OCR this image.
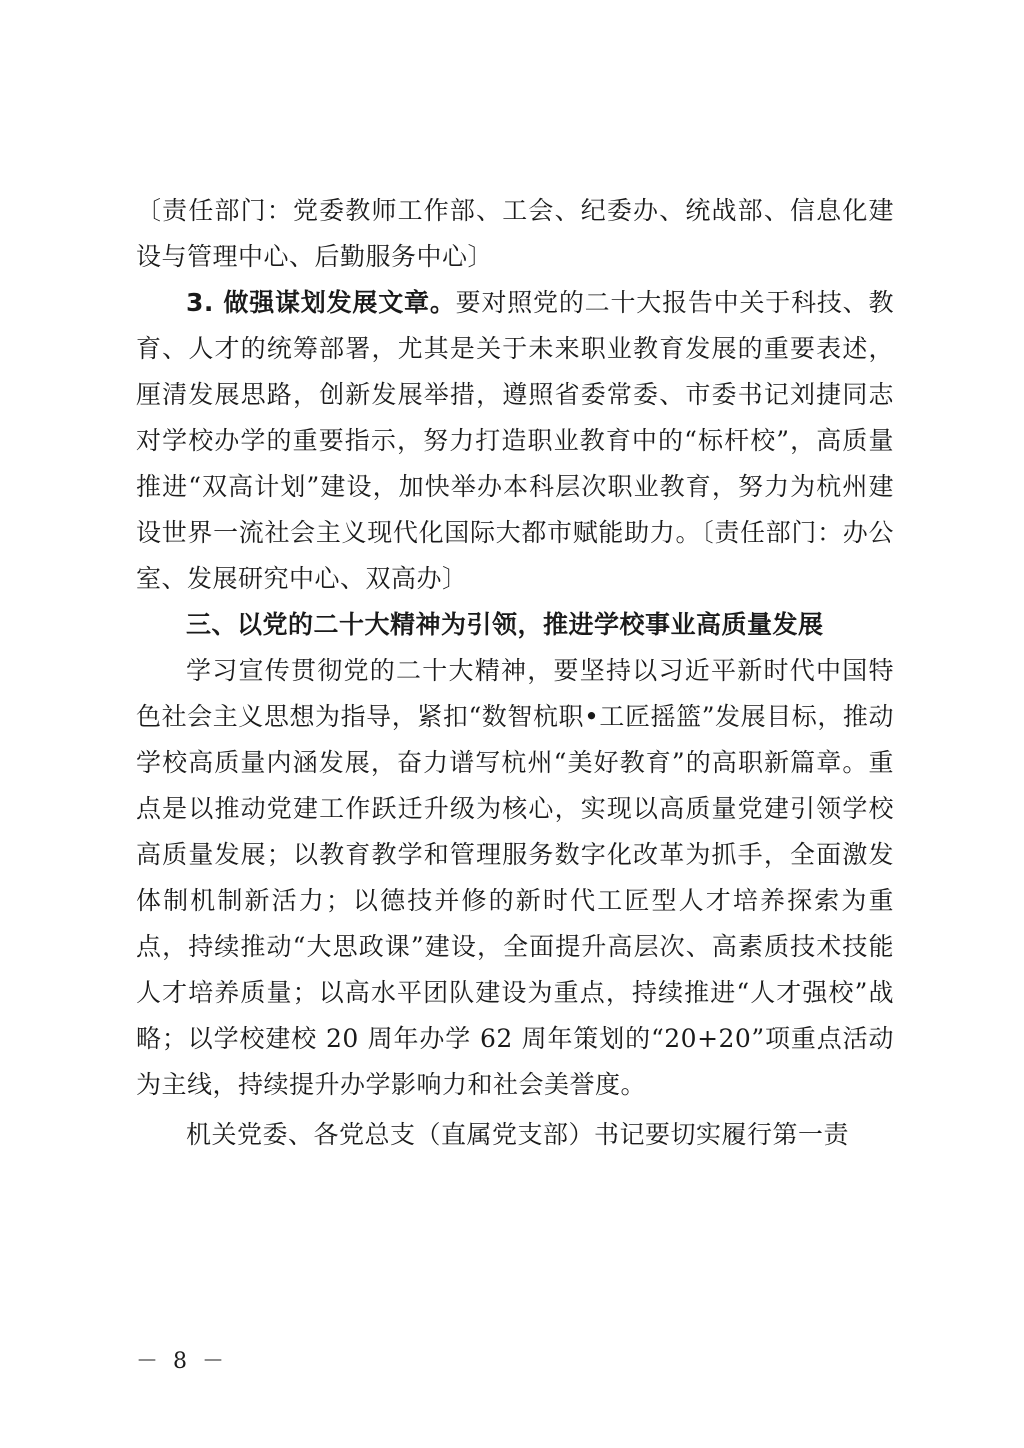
〔责任部门：党委教师工作部、工会、纪委办、统战部、信息化建设与管理中心、后勤服务中心〕

3. 做强谋划发展文章。要对照党的二十大报告中关于科技、教育、人才的统筹部署，尤其是关于未来职业教育发展的重要表述，厘清发展思路，创新发展举措，遵照省委常委、市委书记刘捷同志对学校办学的重要指示，努力打造职业教育中的“标杆校”，高质量推进“双高计划”建设，加快举办本科层次职业教育，努力为杭州建设世界一流社会主义现代化国际大都市赋能助力。〔责任部门：办公室、发展研究中心、双高办〕

三、以党的二十大精神为引领，推进学校事业高质量发展

学习宣传贯彻党的二十大精神，要坚持以习近平新时代中国特色社会主义思想为指导，紧扣“数智杭职•工匠摇篮”发展目标，推动学校高质量内涵发展，奋力谱写杭州“美好教育”的高职新篇章。重点是以推动党建工作跃迁升级为核心，实现以高质量党建引领学校高质量发展；以教育教学和管理服务数字化改革为抓手，全面激发体制机制新活力；以德技并修的新时代工匠型人才培养探索为重点，持续推动“大思政课”建设，全面提升高层次、高素质技术技能人才培养质量；以高水平团队建设为重点，持续推进“人才强校”战略；以学校建校 20 周年办学 62 周年策划的“20+20”项重点活动为主线，持续提升办学影响力和社会美誉度。

机关党委、各党总支（直属党支部）书记要切实履行第一责

－ 8 －
